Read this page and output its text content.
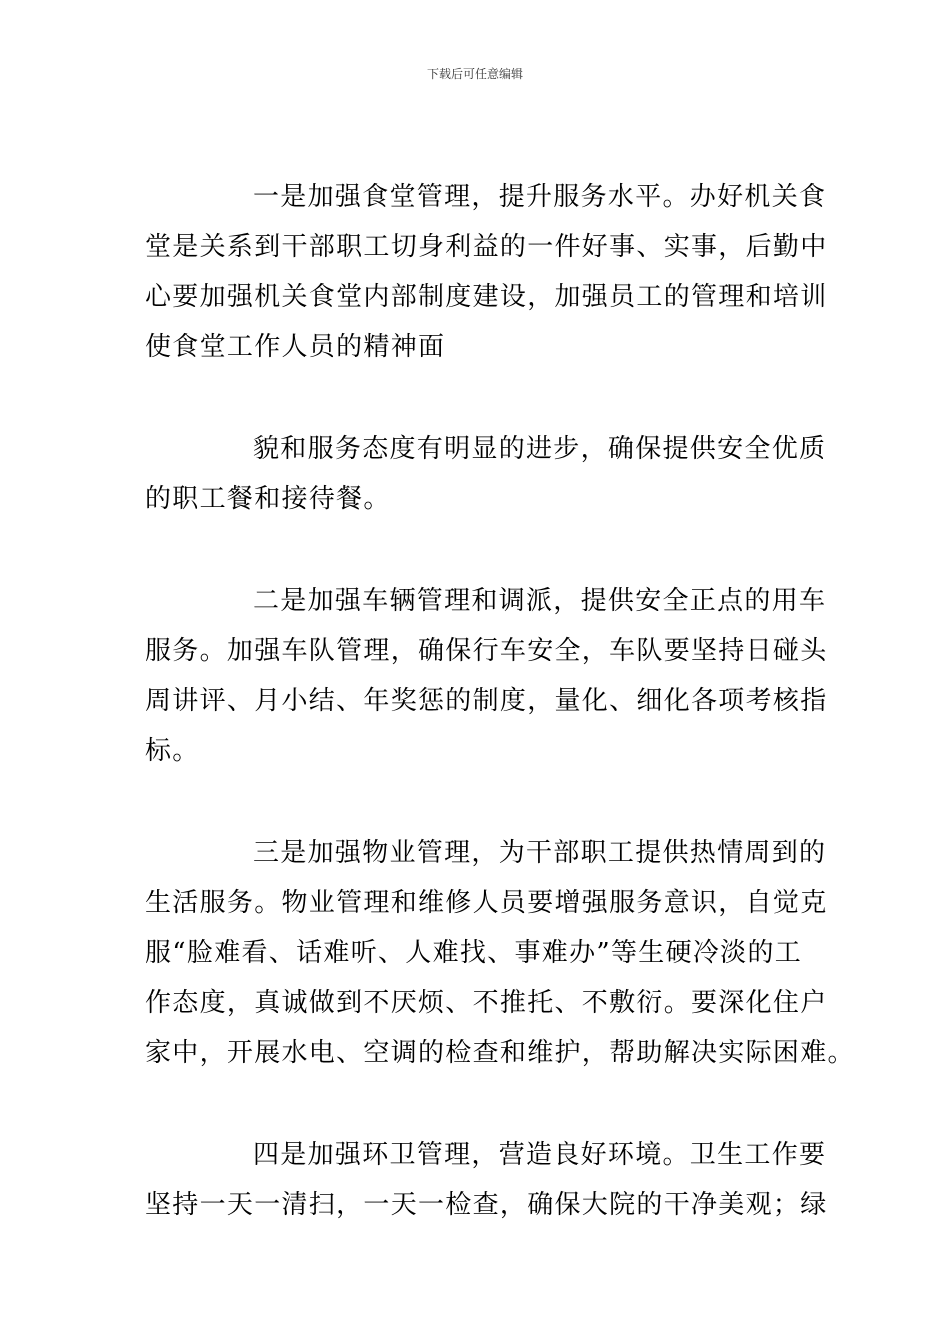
下载后可任意编辑
一是加强食堂管理，提升服务水平。办好机关食
堂是关系到干部职工切身利益的一件好事、实事，后勤中
心要加强机关食堂内部制度建设，加强员工的管理和培训
使食堂工作人员的精神面
貌和服务态度有明显的进步，确保提供安全优质
的职工餐和接待餐。
二是加强车辆管理和调派，提供安全正点的用车
服务。加强车队管理，确保行车安全，车队要坚持日碰头
周讲评、月小结、年奖惩的制度，量化、细化各项考核指
标。
三是加强物业管理，为干部职工提供热情周到的
生活服务。物业管理和维修人员要增强服务意识，自觉克
服“脸难看、话难听、人难找、事难办”等生硬冷淡的工
作态度，真诚做到不厌烦、不推托、不敷衍。要深化住户
家中，开展水电、空调的检查和维护，帮助解决实际困难。
四是加强环卫管理，营造良好环境。卫生工作要
坚持一天一清扫，一天一检查，确保大院的干净美观；绿
